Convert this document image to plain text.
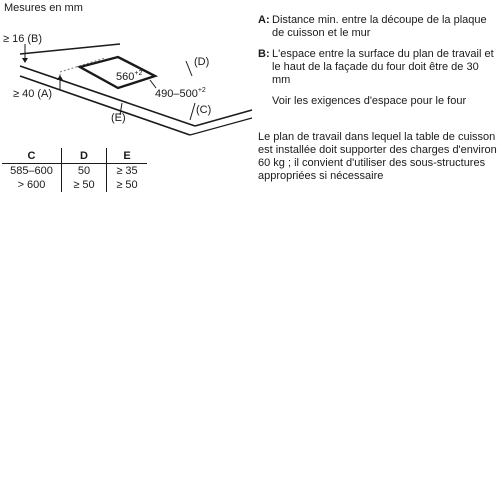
Mesures en mm
≥ 16 (B)
≥ 40 (A)
(D)
(C)
(E)
$560^{+2}$
$490-500^{+2}$
C	D	E
585–600	50	≥ 35
> 600	≥ 50	≥ 50
A: Distance min. entre la découpe de la plaque de cuisson et le mur
B: L'espace entre la surface du plan de travail et le haut de la façade du four doit être de 30 mm
Voir les exigences d'espace pour le four
Le plan de travail dans lequel la table de cuisson est installée doit supporter des charges d'environ 60 kg ; il convient d'utiliser des sous-structures appropriées si nécessaire
